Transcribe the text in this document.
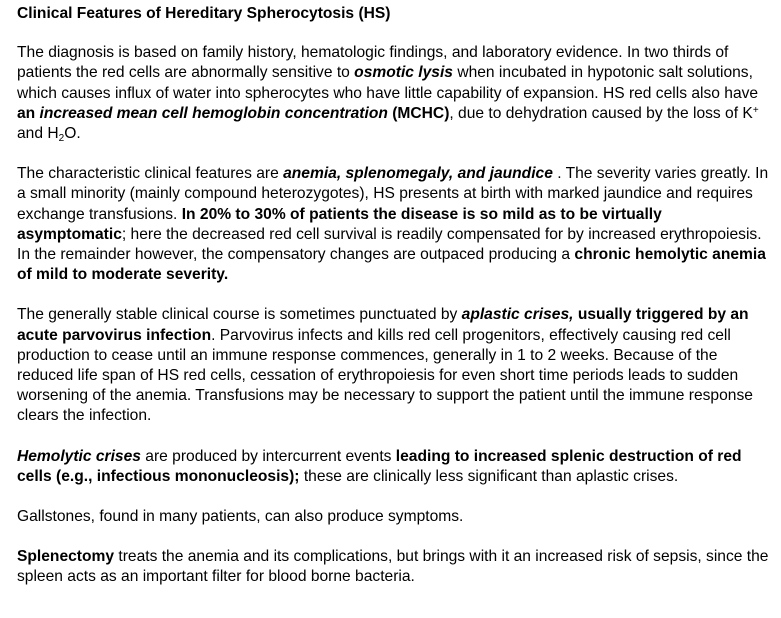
Clinical Features of Hereditary Spherocytosis (HS)

The diagnosis is based on family history, hematologic findings, and laboratory evidence. In two thirds of patients the red cells are abnormally sensitive to osmotic lysis when incubated in hypotonic salt solutions, which causes influx of water into spherocytes who have little capability of expansion. HS red cells also have an increased mean cell hemoglobin concentration (MCHC), due to dehydration caused by the loss of K+ and $H_2O$.

The characteristic clinical features are anemia, splenomegaly, and jaundice . The severity varies greatly. In a small minority (mainly compound heterozygotes), HS presents at birth with marked jaundice and requires exchange transfusions. In 20% to 30% of patients the disease is so mild as to be virtually asymptomatic; here the decreased red cell survival is readily compensated for by increased erythropoiesis. In the remainder however, the compensatory changes are outpaced producing a chronic hemolytic anemia of mild to moderate severity.

The generally stable clinical course is sometimes punctuated by aplastic crises, usually triggered by an acute parvovirus infection. Parvovirus infects and kills red cell progenitors, effectively causing red cell production to cease until an immune response commences, generally in 1 to 2 weeks. Because of the reduced life span of HS red cells, cessation of erythropoiesis for even short time periods leads to sudden worsening of the anemia. Transfusions may be necessary to support the patient until the immune response clears the infection.

Hemolytic crises are produced by intercurrent events leading to increased splenic destruction of red cells (e.g., infectious mononucleosis); these are clinically less significant than aplastic crises.

Gallstones, found in many patients, can also produce symptoms.

Splenectomy treats the anemia and its complications, but brings with it an increased risk of sepsis, since the spleen acts as an important filter for blood borne bacteria.
